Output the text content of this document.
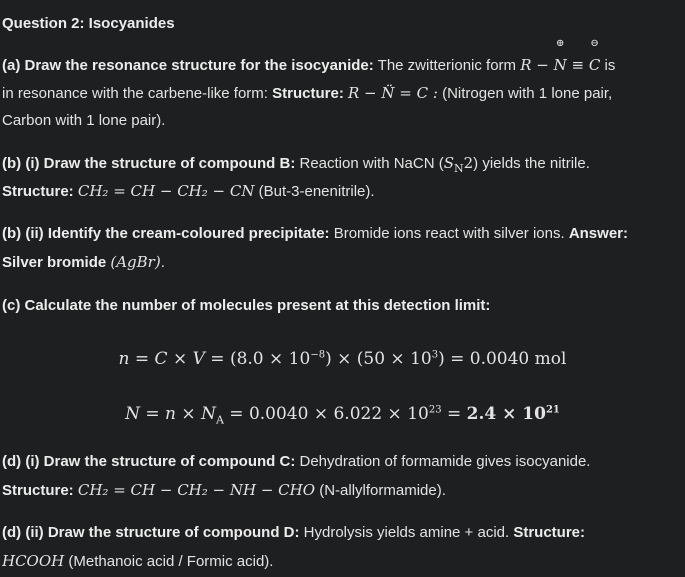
Question 2: Isocyanides
(a) Draw the resonance structure for the isocyanide: The zwitterionic form R −
⊕
N ≡
⊖
C is
in resonance with the carbene-like form: Structure: R − N̈ = C : (Nitrogen with 1 lone pair,
Carbon with 1 lone pair).
(b) (i) Draw the structure of compound B: Reaction with NaCN $(S_N2)$ yields the nitrile.
Structure: CH₂ = CH − CH₂ − CN (But-3-enenitrile).
(b) (ii) Identify the cream-coloured precipitate: Bromide ions react with silver ions. Answer:
Silver bromide (AgBr).
(c) Calculate the number of molecules present at this detection limit:
$n = C \times V = (8.0 \times 10^{-8}) \times (50 \times 10^3) = 0.0040$ mol
$N = n \times N_A = 0.0040 \times 6.022 \times 10^{23} = 2.4 \times 10^{21}$
(d) (i) Draw the structure of compound C: Dehydration of formamide gives isocyanide.
Structure: CH₂ = CH − CH₂ − NH − CHO (N-allylformamide).
(d) (ii) Draw the structure of compound D: Hydrolysis yields amine + acid. Structure:
HCOOH (Methanoic acid / Formic acid).
